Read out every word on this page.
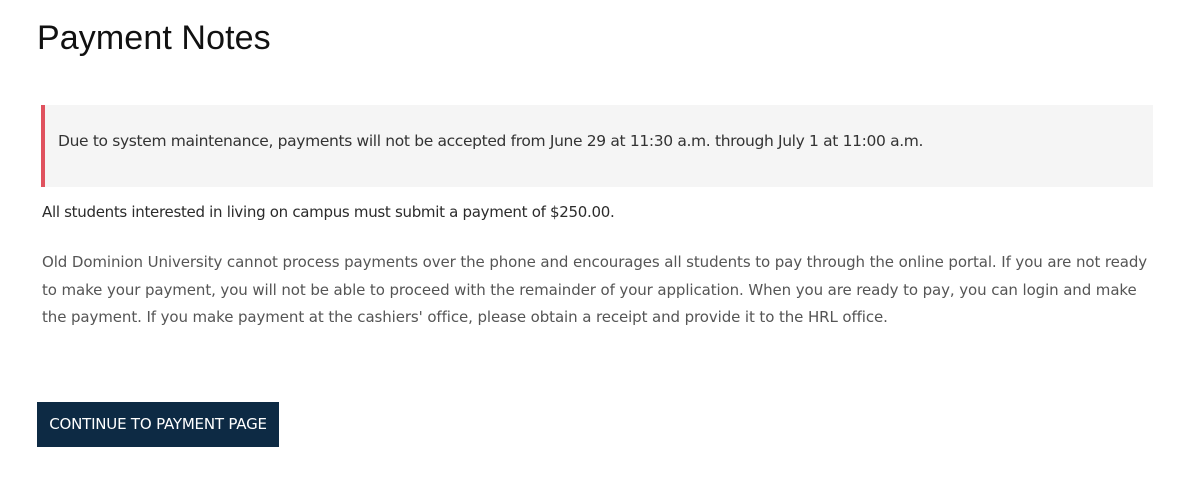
Payment Notes

Due to system maintenance, payments will not be accepted from June 29 at 11:30 a.m. through July 1 at 11:00 a.m.

All students interested in living on campus must submit a payment of $250.00.

Old Dominion University cannot process payments over the phone and encourages all students to pay through the online portal. If you are not ready to make your payment, you will not be able to proceed with the remainder of your application. When you are ready to pay, you can login and make the payment. If you make payment at the cashiers' office, please obtain a receipt and provide it to the HRL office.

CONTINUE TO PAYMENT PAGE
